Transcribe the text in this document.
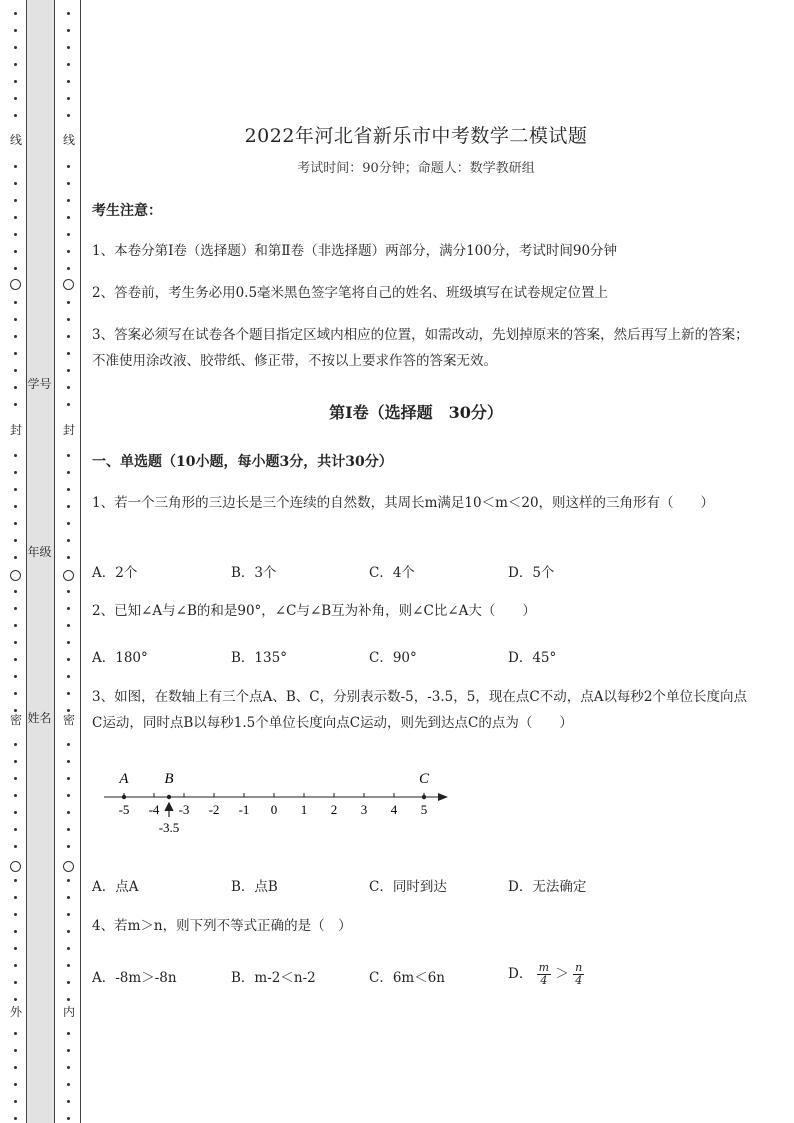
线
封
密
外
线
封
密
内
学号
年级
姓名
2022年河北省新乐市中考数学二模试题
考试时间：90分钟；命题人：数学教研组
考生注意：
1、本卷分第I卷（选择题）和第Ⅱ卷（非选择题）两部分，满分100分，考试时间90分钟
2、答卷前，考生务必用0.5毫米黑色签字笔将自己的姓名、班级填写在试卷规定位置上
3、答案必须写在试卷各个题目指定区域内相应的位置，如需改动，先划掉原来的答案，然后再写上新的答案；不准使用涂改液、胶带纸、修正带，不按以上要求作答的答案无效。
第I卷（选择题　30分）
一、单选题（10小题，每小题3分，共计30分）
1、若一个三角形的三边长是三个连续的自然数，其周长m满足10＜m＜20，则这样的三角形有（　　）
A．2个	B．3个	C．4个	D．5个
2、已知∠A与∠B的和是90°，∠C与∠B互为补角，则∠C比∠A大（　　）
A．180°	B．135°	C．90°	D．45°
3、如图，在数轴上有三个点A、B、C，分别表示数-5，-3.5，5，现在点C不动，点A以每秒2个单位长度向点C运动，同时点B以每秒1.5个单位长度向点C运动，则先到达点C的点为（　　）
-5 -4 -3 -2 -1 0 1 2 3 4 5
A B	C
-3.5
A．点A	B．点B	C．同时到达	D．无法确定
4、若m＞n，则下列不等式正确的是（　）
A．-8m＞-8n	B．m-2＜n-2	C．6m＜6n	D． $\frac{m}{4} > \frac{n}{4}$
